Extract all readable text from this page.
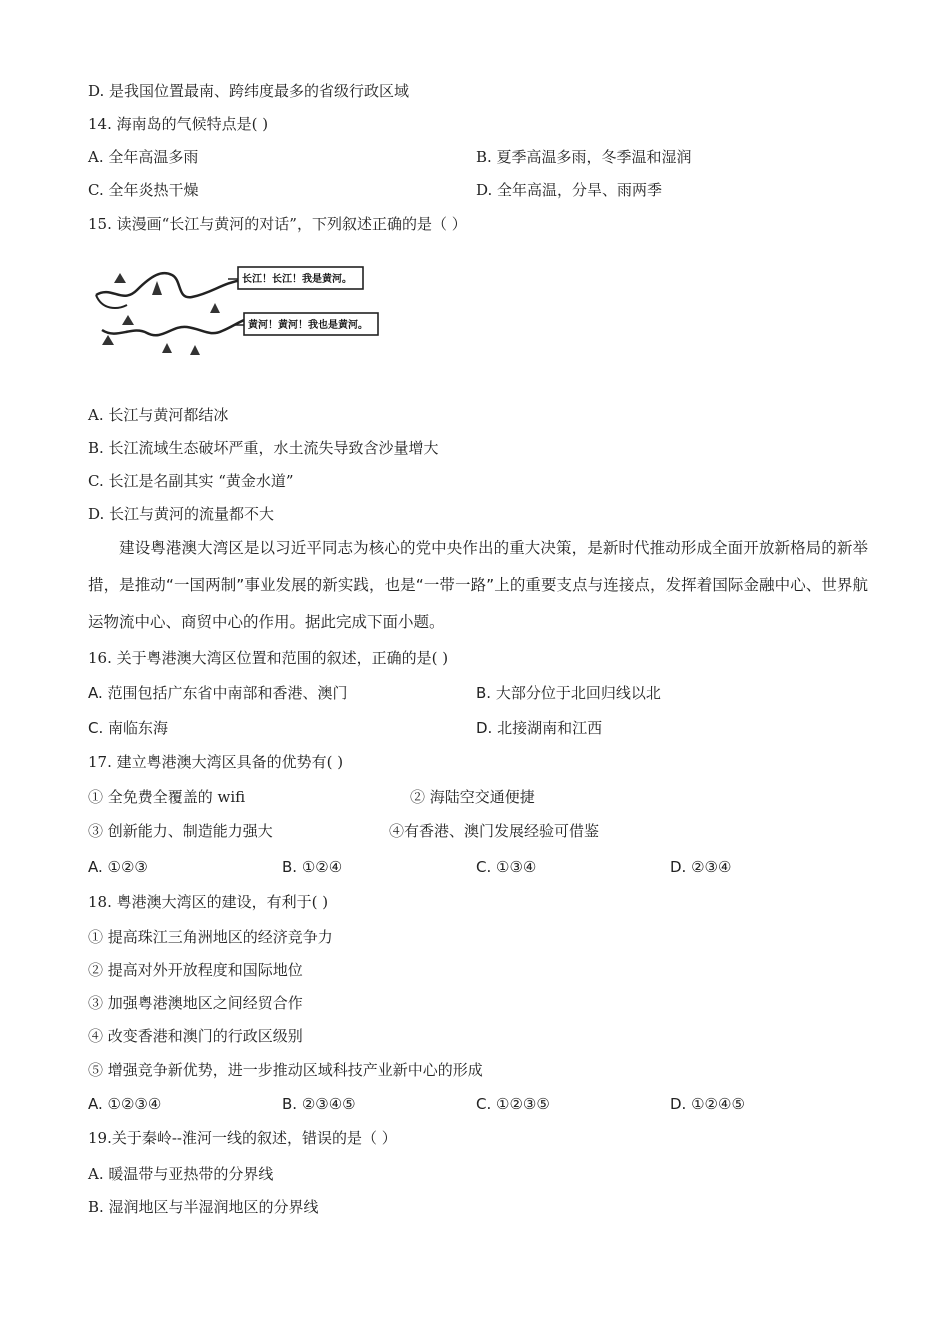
D. 是我国位置最南、跨纬度最多的省级行政区域
14. 海南岛的气候特点是( )
A. 全年高温多雨	B. 夏季高温多雨，冬季温和湿润
C. 全年炎热干燥	D. 全年高温，分旱、雨两季
15. 读漫画“长江与黄河的对话”，下列叙述正确的是（ ）
长江！长江！我是黄河。
黄河！黄河！我也是黄河。
A. 长江与黄河都结冰
B. 长江流域生态破坏严重，水土流失导致含沙量增大
C. 长江是名副其实 “黄金水道”
D. 长江与黄河的流量都不大
建设粤港澳大湾区是以习近平同志为核心的党中央作出的重大决策，是新时代推动形成全面开放新格局的新举措，是推动“一国两制”事业发展的新实践，也是“一带一路”上的重要支点与连接点，发挥着国际金融中心、世界航运物流中心、商贸中心的作用。据此完成下面小题。
16. 关于粤港澳大湾区位置和范围的叙述，正确的是( )
A. 范围包括广东省中南部和香港、澳门	B. 大部分位于北回归线以北
C. 南临东海	D. 北接湖南和江西
17. 建立粤港澳大湾区具备的优势有( )
① 全免费全覆盖的 wifi	② 海陆空交通便捷
③ 创新能力、制造能力强大	④有香港、澳门发展经验可借鉴
A. ①②③	B. ①②④	C. ①③④	D. ②③④
18. 粤港澳大湾区的建设，有利于( )
① 提高珠江三角洲地区的经济竞争力
② 提高对外开放程度和国际地位
③ 加强粤港澳地区之间经贸合作
④ 改变香港和澳门的行政区级别
⑤ 增强竞争新优势，进一步推动区域科技产业新中心的形成
A. ①②③④	B. ②③④⑤	C. ①②③⑤	D. ①②④⑤
19.关于秦岭--淮河一线的叙述，错误的是（ ）
A. 暖温带与亚热带的分界线
B. 湿润地区与半湿润地区的分界线
